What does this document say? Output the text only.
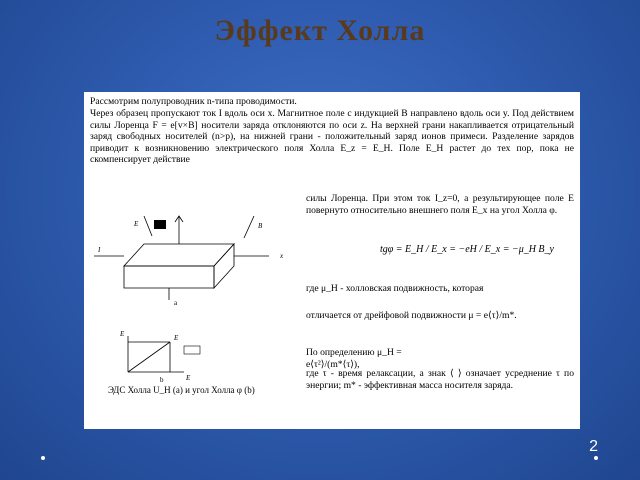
Эффект Холла
Рассмотрим полупроводник n-типа проводимости.
Через образец пропускают ток I вдоль оси x. Магнитное поле с индукцией B направлено вдоль оси y. Под действием силы Лоренца F = e[v×B] носители заряда отклоняются по оси z. На верхней грани накапливается отрицательный заряд свободных носителей (n>p), на нижней грани - положительный заряд ионов примеси. Разделение зарядов приводит к возникновению электрического поля Холла E_z = E_H. Поле E_H растет до тех пор, пока не скомпенсирует действие
E	B
I
x
a
E	E
E
b
силы Лоренца. При этом ток I_z=0, а результирующее поле E повернуто относительно внешнего поля E_x на угол Холла φ.
tgφ = E_H / E_x = −eH / E_x = −μ_H B_y
где μ_H - холловская подвижность, которая
отличается от дрейфовой подвижности μ = e⟨τ⟩/m*.
По определению μ_H = e⟨τ²⟩/(m*⟨τ⟩),
где τ - время релаксации, а знак ⟨ ⟩ означает усреднение τ по энергии; m* - эффективная масса носителя заряда.
ЭДС Холла U_H (a) и угол Холла φ (b)
2
